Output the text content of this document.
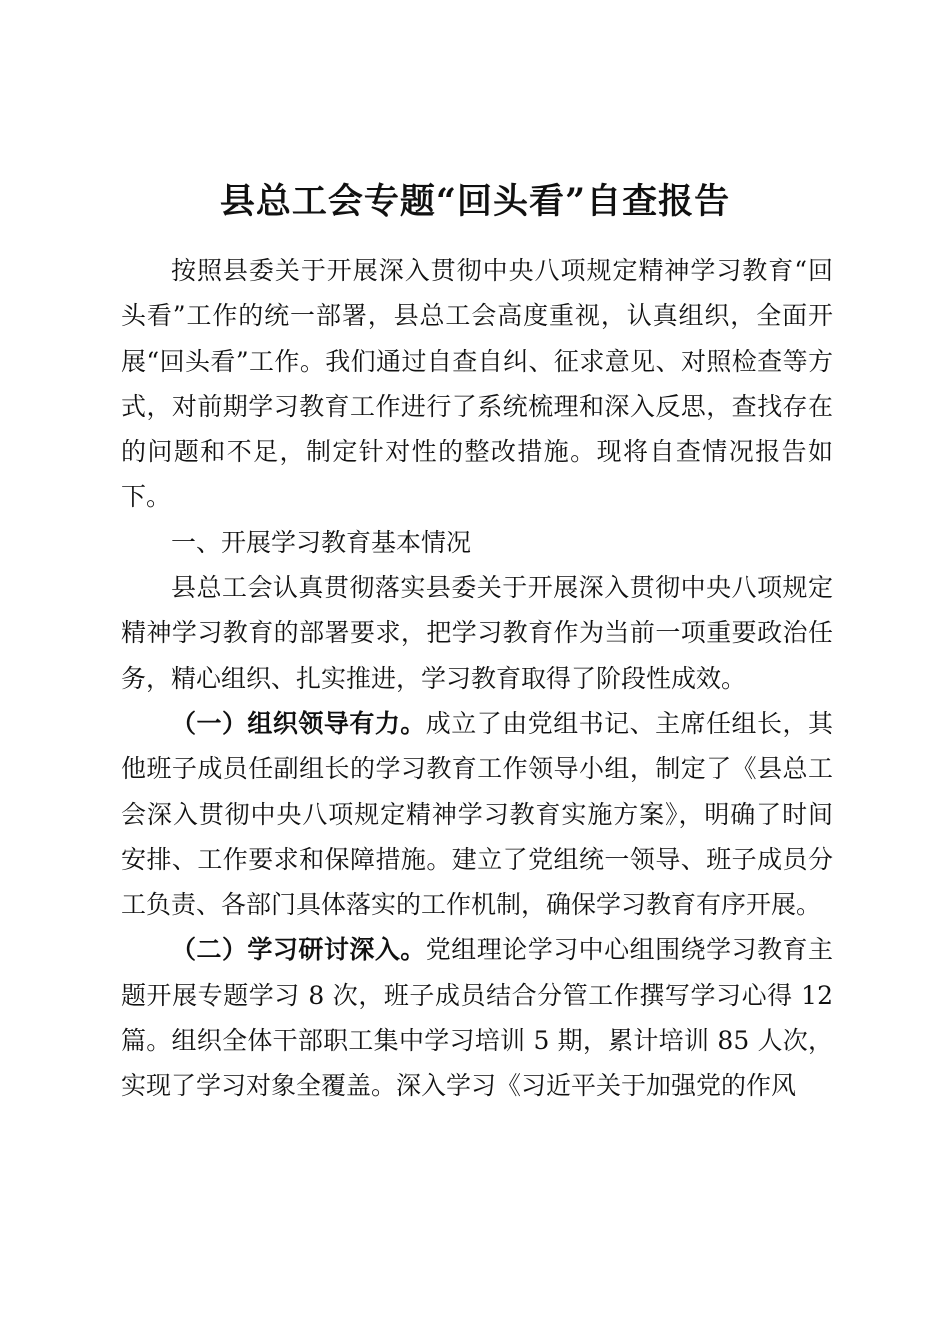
县总工会专题“回头看”自查报告

按照县委关于开展深入贯彻中央八项规定精神学习教育“回头看”工作的统一部署，县总工会高度重视，认真组织，全面开展“回头看”工作。我们通过自查自纠、征求意见、对照检查等方式，对前期学习教育工作进行了系统梳理和深入反思，查找存在的问题和不足，制定针对性的整改措施。现将自查情况报告如下。

一、开展学习教育基本情况

县总工会认真贯彻落实县委关于开展深入贯彻中央八项规定精神学习教育的部署要求，把学习教育作为当前一项重要政治任务，精心组织、扎实推进，学习教育取得了阶段性成效。

（一）组织领导有力。成立了由党组书记、主席任组长，其他班子成员任副组长的学习教育工作领导小组，制定了《县总工会深入贯彻中央八项规定精神学习教育实施方案》，明确了时间安排、工作要求和保障措施。建立了党组统一领导、班子成员分工负责、各部门具体落实的工作机制，确保学习教育有序开展。

（二）学习研讨深入。党组理论学习中心组围绕学习教育主题开展专题学习 8 次，班子成员结合分管工作撰写学习心得 12 篇。组织全体干部职工集中学习培训 5 期，累计培训 85 人次，实现了学习对象全覆盖。深入学习《习近平关于加强党的作风
